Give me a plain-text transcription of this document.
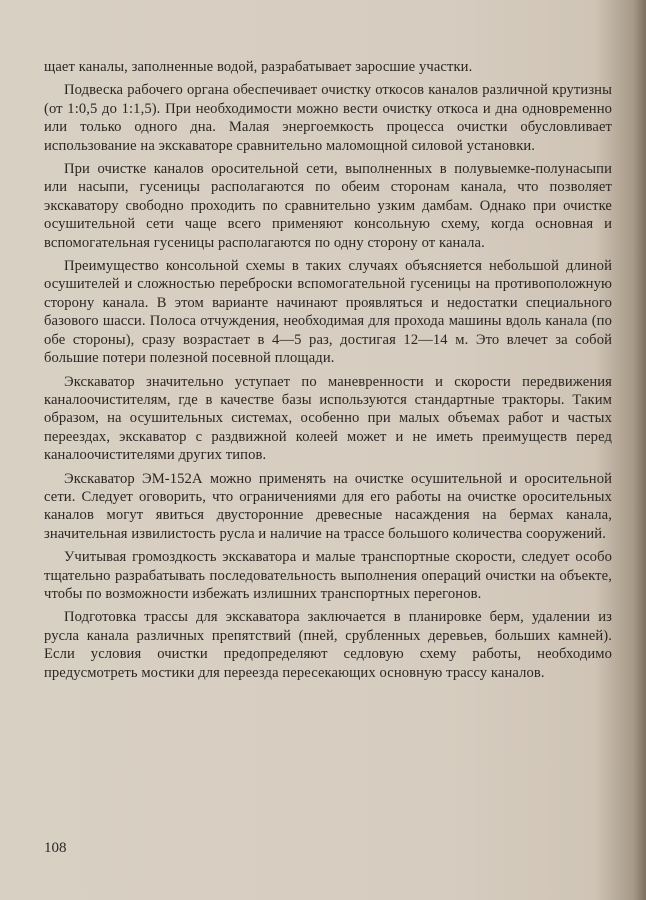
щает каналы, заполненные водой, разрабатывает заросшие участки.

Подвеска рабочего органа обеспечивает очистку откосов каналов различной крутизны (от 1:0,5 до 1:1,5). При необходимости можно вести очистку откоса и дна одновременно или только одного дна. Малая энергоемкость процесса очистки обусловливает использование на экскаваторе сравнительно маломощной силовой установки.

При очистке каналов оросительной сети, выполненных в полувыемке-полунасыпи или насыпи, гусеницы располагаются по обеим сторонам канала, что позволяет экскаватору свободно проходить по сравнительно узким дамбам. Однако при очистке осушительной сети чаще всего применяют консольную схему, когда основная и вспомогательная гусеницы располагаются по одну сторону от канала.

Преимущество консольной схемы в таких случаях объясняется небольшой длиной осушителей и сложностью переброски вспомогательной гусеницы на противоположную сторону канала. В этом варианте начинают проявляться и недостатки специального базового шасси. Полоса отчуждения, необходимая для прохода машины вдоль канала (по обе стороны), сразу возрастает в 4—5 раз, достигая 12—14 м. Это влечет за собой большие потери полезной посевной площади.

Экскаватор значительно уступает по маневренности и скорости передвижения каналоочистителям, где в качестве базы используются стандартные тракторы. Таким образом, на осушительных системах, особенно при малых объемах работ и частых переездах, экскаватор с раздвижной колеей может и не иметь преимуществ перед каналоочистителями других типов.

Экскаватор ЭМ-152А можно применять на очистке осушительной и оросительной сети. Следует оговорить, что ограничениями для его работы на очистке оросительных каналов могут явиться двусторонние древесные насаждения на бермах канала, значительная извилистость русла и наличие на трассе большого количества сооружений.

Учитывая громоздкость экскаватора и малые транспортные скорости, следует особо тщательно разрабатывать последовательность выполнения операций очистки на объекте, чтобы по возможности избежать излишних транспортных перегонов.

Подготовка трассы для экскаватора заключается в планировке берм, удалении из русла канала различных препятствий (пней, срубленных деревьев, больших камней). Если условия очистки предопределяют седловую схему работы, необходимо предусмотреть мостики для переезда пересекающих основную трассу каналов.

108
